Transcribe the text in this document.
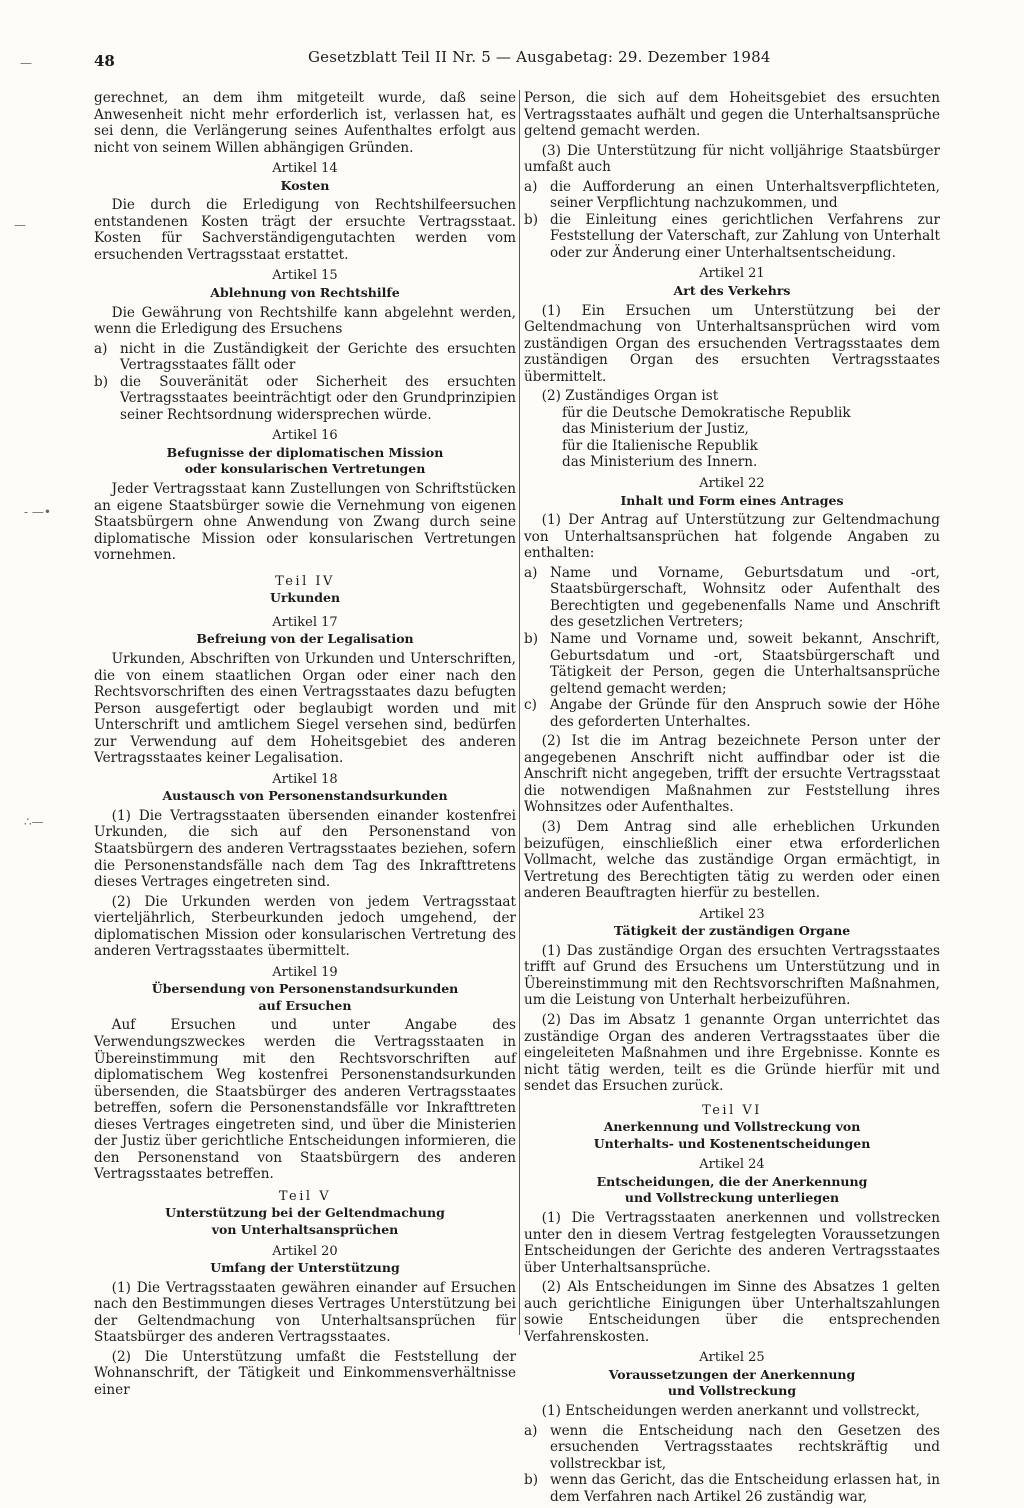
48	Gesetzblatt Teil II Nr. 5 — Ausgabetag: 29. Dezember 1984
—
—
- —•
∴—

gerechnet, an dem ihm mitgeteilt wurde, daß seine Anwesenheit nicht mehr erforderlich ist, verlassen hat, es sei denn, die Verlängerung seines Aufenthaltes erfolgt aus nicht von seinem Willen abhängigen Gründen.

Artikel 14
Kosten

Die durch die Erledigung von Rechtshilfeersuchen entstandenen Kosten trägt der ersuchte Vertragsstaat. Kosten für Sachverständigengutachten werden vom ersuchenden Vertragsstaat erstattet.

Artikel 15
Ablehnung von Rechtshilfe

Die Gewährung von Rechtshilfe kann abgelehnt werden, wenn die Erledigung des Ersuchens

a) nicht in die Zuständigkeit der Gerichte des ersuchten Vertragsstaates fällt oder
b) die Souveränität oder Sicherheit des ersuchten Vertragsstaates beeinträchtigt oder den Grundprinzipien seiner Rechtsordnung widersprechen würde.
Artikel 16
Befugnisse der diplomatischen Mission
oder konsularischen Vertretungen

Jeder Vertragsstaat kann Zustellungen von Schriftstücken an eigene Staatsbürger sowie die Vernehmung von eigenen Staatsbürgern ohne Anwendung von Zwang durch seine diplomatische Mission oder konsularischen Vertretungen vornehmen.

Teil IV
Urkunden
Artikel 17
Befreiung von der Legalisation

Urkunden, Abschriften von Urkunden und Unterschriften, die von einem staatlichen Organ oder einer nach den Rechtsvorschriften des einen Vertragsstaates dazu befugten Person ausgefertigt oder beglaubigt worden und mit Unterschrift und amtlichem Siegel versehen sind, bedürfen zur Verwendung auf dem Hoheitsgebiet des anderen Vertragsstaates keiner Legalisation.

Artikel 18
Austausch von Personenstandsurkunden

(1) Die Vertragsstaaten übersenden einander kostenfrei Urkunden, die sich auf den Personenstand von Staatsbürgern des anderen Vertragsstaates beziehen, sofern die Personenstandsfälle nach dem Tag des Inkrafttretens dieses Vertrages eingetreten sind.

(2) Die Urkunden werden von jedem Vertragsstaat vierteljährlich, Sterbeurkunden jedoch umgehend, der diplomatischen Mission oder konsularischen Vertretung des anderen Vertragsstaates übermittelt.

Artikel 19
Übersendung von Personenstandsurkunden
auf Ersuchen

Auf Ersuchen und unter Angabe des Verwendungszweckes werden die Vertragsstaaten in Übereinstimmung mit den Rechtsvorschriften auf diplomatischem Weg kostenfrei Personenstandsurkunden übersenden, die Staatsbürger des anderen Vertragsstaates betreffen, sofern die Personenstandsfälle vor Inkrafttreten dieses Vertrages eingetreten sind, und über die Ministerien der Justiz über gerichtliche Entscheidungen informieren, die den Personenstand von Staatsbürgern des anderen Vertragsstaates betreffen.

Teil V
Unterstützung bei der Geltendmachung
von Unterhaltsansprüchen
Artikel 20
Umfang der Unterstützung

(1) Die Vertragsstaaten gewähren einander auf Ersuchen nach den Bestimmungen dieses Vertrages Unterstützung bei der Geltendmachung von Unterhaltsansprüchen für Staatsbürger des anderen Vertragsstaates.

(2) Die Unterstützung umfaßt die Feststellung der Wohnanschrift, der Tätigkeit und Einkommensverhältnisse einer

Person, die sich auf dem Hoheitsgebiet des ersuchten Vertragsstaates aufhält und gegen die Unterhaltsansprüche geltend gemacht werden.

(3) Die Unterstützung für nicht volljährige Staatsbürger umfaßt auch

a) die Aufforderung an einen Unterhaltsverpflichteten, seiner Verpflichtung nachzukommen, und
b) die Einleitung eines gerichtlichen Verfahrens zur Feststellung der Vaterschaft, zur Zahlung von Unterhalt oder zur Änderung einer Unterhaltsentscheidung.
Artikel 21
Art des Verkehrs

(1) Ein Ersuchen um Unterstützung bei der Geltendmachung von Unterhaltsansprüchen wird vom zuständigen Organ des ersuchenden Vertragsstaates dem zuständigen Organ des ersuchten Vertragsstaates übermittelt.

(2) Zuständiges Organ ist

für die Deutsche Demokratische Republik
das Ministerium der Justiz,
für die Italienische Republik
das Ministerium des Innern.
Artikel 22
Inhalt und Form eines Antrages

(1) Der Antrag auf Unterstützung zur Geltendmachung von Unterhaltsansprüchen hat folgende Angaben zu enthalten:

a) Name und Vorname, Geburtsdatum und -ort, Staatsbürgerschaft, Wohnsitz oder Aufenthalt des Berechtigten und gegebenenfalls Name und Anschrift des gesetzlichen Vertreters;
b) Name und Vorname und, soweit bekannt, Anschrift, Geburtsdatum und -ort, Staatsbürgerschaft und Tätigkeit der Person, gegen die Unterhaltsansprüche geltend gemacht werden;
c) Angabe der Gründe für den Anspruch sowie der Höhe des geforderten Unterhaltes.

(2) Ist die im Antrag bezeichnete Person unter der angegebenen Anschrift nicht auffindbar oder ist die Anschrift nicht angegeben, trifft der ersuchte Vertragsstaat die notwendigen Maßnahmen zur Feststellung ihres Wohnsitzes oder Aufenthaltes.

(3) Dem Antrag sind alle erheblichen Urkunden beizufügen, einschließlich einer etwa erforderlichen Vollmacht, welche das zuständige Organ ermächtigt, in Vertretung des Berechtigten tätig zu werden oder einen anderen Beauftragten hierfür zu bestellen.

Artikel 23
Tätigkeit der zuständigen Organe

(1) Das zuständige Organ des ersuchten Vertragsstaates trifft auf Grund des Ersuchens um Unterstützung und in Übereinstimmung mit den Rechtsvorschriften Maßnahmen, um die Leistung von Unterhalt herbeizuführen.

(2) Das im Absatz 1 genannte Organ unterrichtet das zuständige Organ des anderen Vertragsstaates über die eingeleiteten Maßnahmen und ihre Ergebnisse. Konnte es nicht tätig werden, teilt es die Gründe hierfür mit und sendet das Ersuchen zurück.

Teil VI
Anerkennung und Vollstreckung von
Unterhalts- und Kostenentscheidungen
Artikel 24
Entscheidungen, die der Anerkennung
und Vollstreckung unterliegen

(1) Die Vertragsstaaten anerkennen und vollstrecken unter den in diesem Vertrag festgelegten Voraussetzungen Entscheidungen der Gerichte des anderen Vertragsstaates über Unterhaltsansprüche.

(2) Als Entscheidungen im Sinne des Absatzes 1 gelten auch gerichtliche Einigungen über Unterhaltszahlungen sowie Entscheidungen über die entsprechenden Verfahrenskosten.

Artikel 25
Voraussetzungen der Anerkennung
und Vollstreckung

(1) Entscheidungen werden anerkannt und vollstreckt,

a) wenn die Entscheidung nach den Gesetzen des ersuchenden Vertragsstaates rechtskräftig und vollstreckbar ist,
b) wenn das Gericht, das die Entscheidung erlassen hat, in dem Verfahren nach Artikel 26 zuständig war,
